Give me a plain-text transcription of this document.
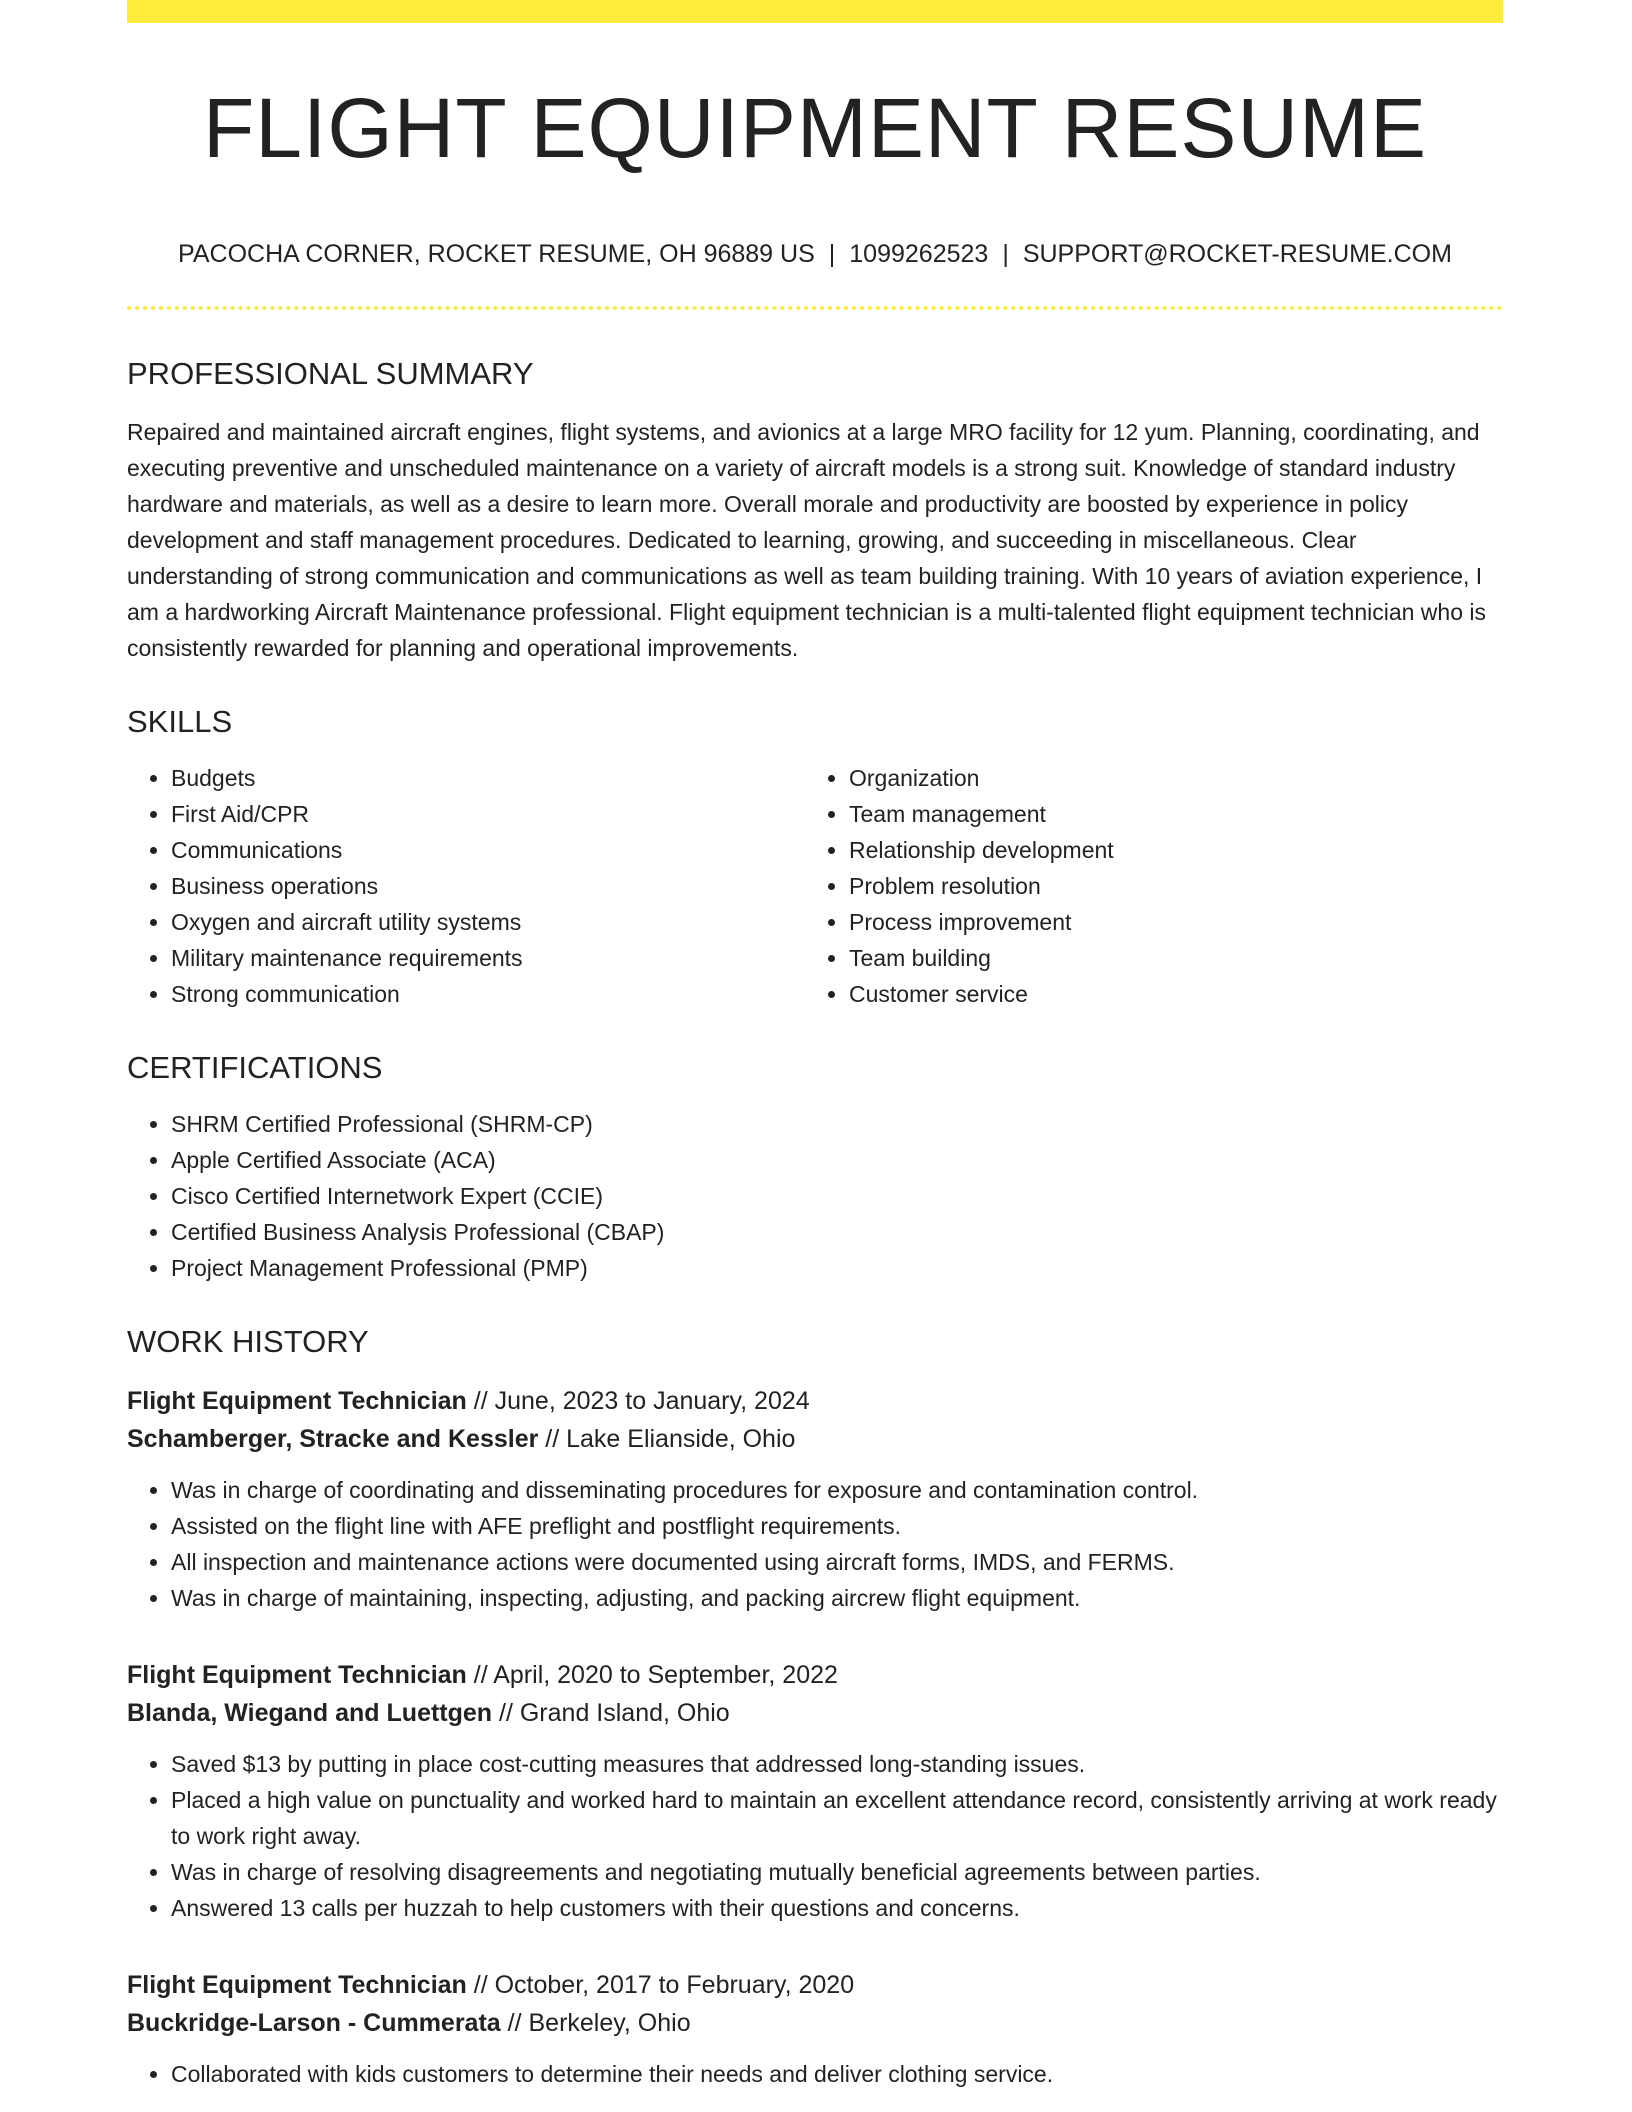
FLIGHT EQUIPMENT RESUME
PACOCHA CORNER, ROCKET RESUME, OH 96889 US | 1099262523 | SUPPORT@ROCKET-RESUME.COM
PROFESSIONAL SUMMARY

Repaired and maintained aircraft engines, flight systems, and avionics at a large MRO facility for 12 yum. Planning, coordinating, and executing preventive and unscheduled maintenance on a variety of aircraft models is a strong suit. Knowledge of standard industry hardware and materials, as well as a desire to learn more. Overall morale and productivity are boosted by experience in policy development and staff management procedures. Dedicated to learning, growing, and succeeding in miscellaneous. Clear understanding of strong communication and communications as well as team building training. With 10 years of aviation experience, I am a hardworking Aircraft Maintenance professional. Flight equipment technician is a multi-talented flight equipment technician who is consistently rewarded for planning and operational improvements.

SKILLS
• Budgets
• First Aid/CPR
• Communications
• Business operations
• Oxygen and aircraft utility systems
• Military maintenance requirements
• Strong communication
• Organization
• Team management
• Relationship development
• Problem resolution
• Process improvement
• Team building
• Customer service
CERTIFICATIONS
• SHRM Certified Professional (SHRM-CP)
• Apple Certified Associate (ACA)
• Cisco Certified Internetwork Expert (CCIE)
• Certified Business Analysis Professional (CBAP)
• Project Management Professional (PMP)
WORK HISTORY
Flight Equipment Technician // June, 2023 to January, 2024
Schamberger, Stracke and Kessler // Lake Elianside, Ohio
• Was in charge of coordinating and disseminating procedures for exposure and contamination control.
• Assisted on the flight line with AFE preflight and postflight requirements.
• All inspection and maintenance actions were documented using aircraft forms, IMDS, and FERMS.
• Was in charge of maintaining, inspecting, adjusting, and packing aircrew flight equipment.
Flight Equipment Technician // April, 2020 to September, 2022
Blanda, Wiegand and Luettgen // Grand Island, Ohio
• Saved $13 by putting in place cost-cutting measures that addressed long-standing issues.
• Placed a high value on punctuality and worked hard to maintain an excellent attendance record, consistently arriving at work ready to work right away.
• Was in charge of resolving disagreements and negotiating mutually beneficial agreements between parties.
• Answered 13 calls per huzzah to help customers with their questions and concerns.
Flight Equipment Technician // October, 2017 to February, 2020
Buckridge-Larson - Cummerata // Berkeley, Ohio
• Collaborated with kids customers to determine their needs and deliver clothing service.
